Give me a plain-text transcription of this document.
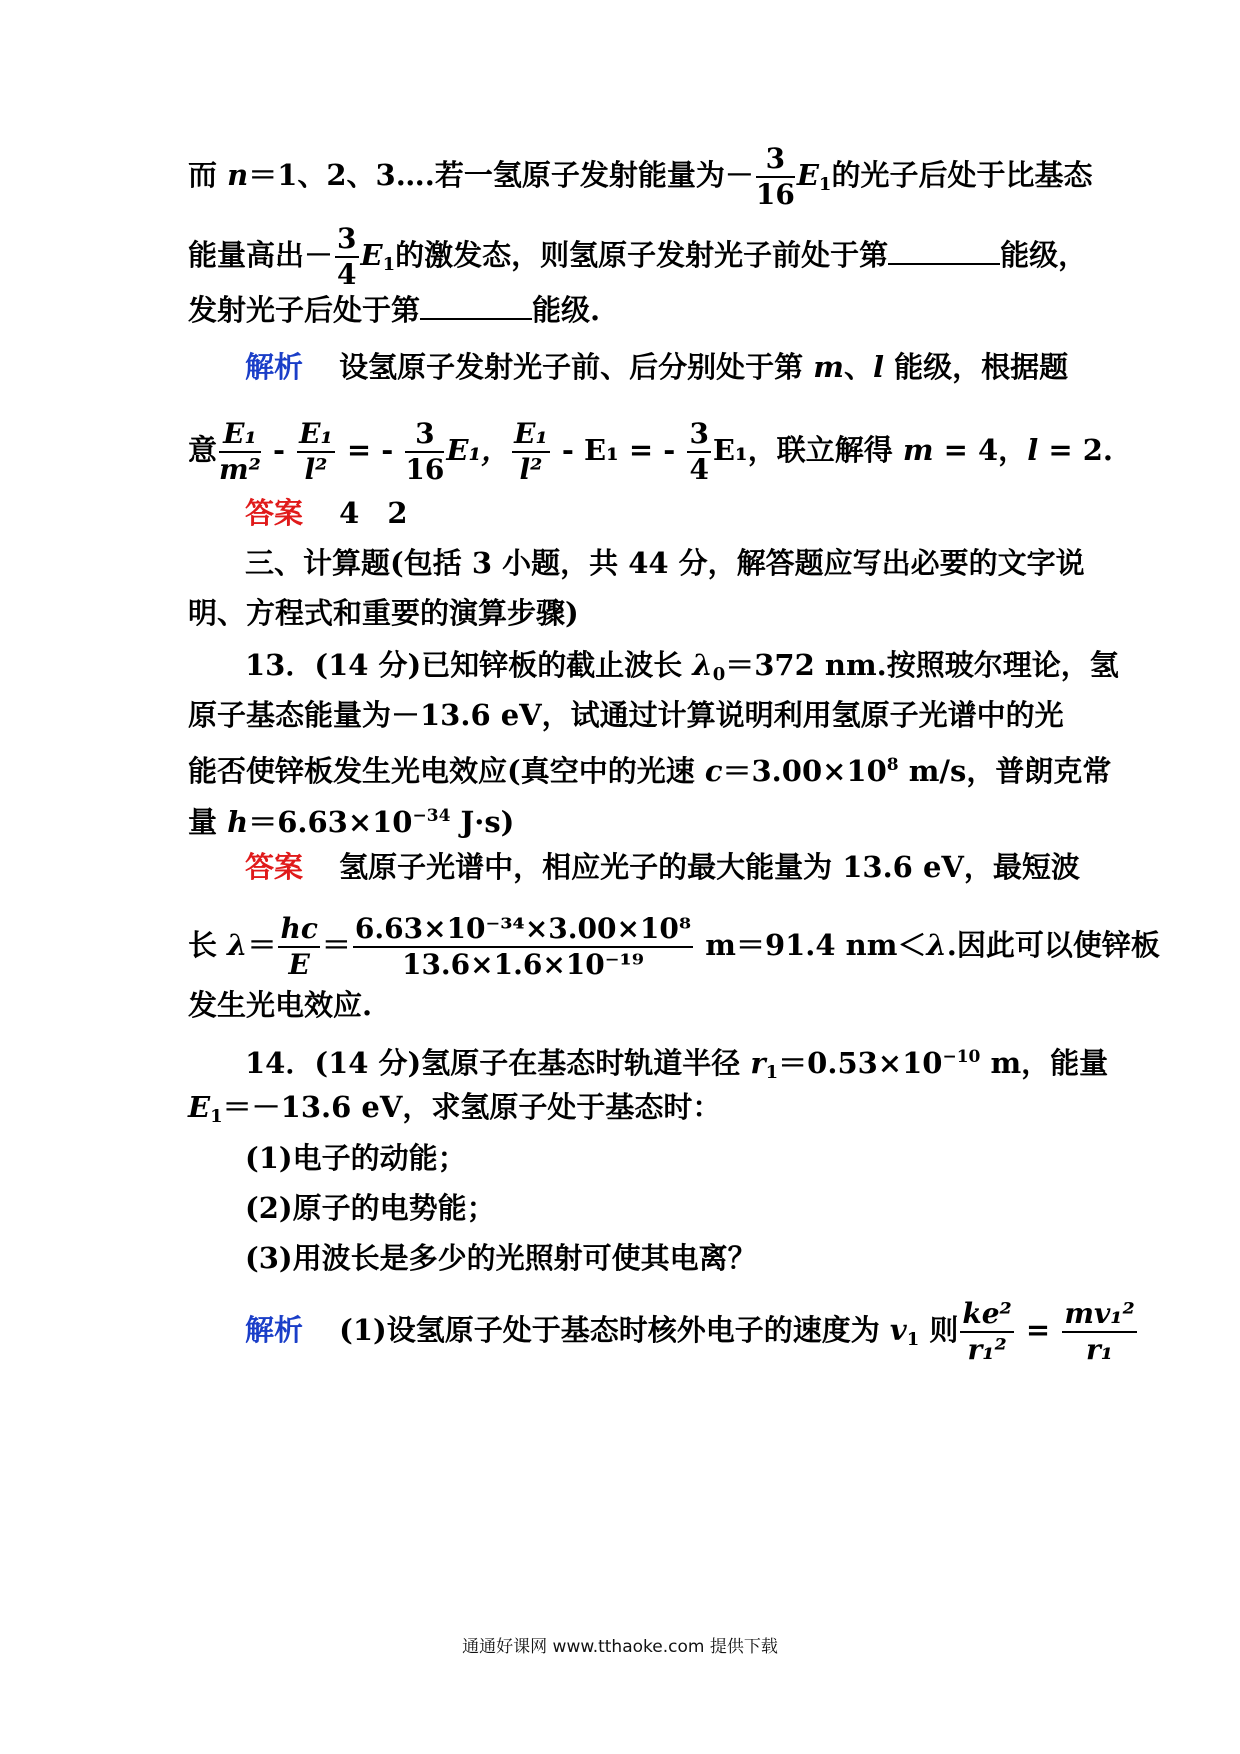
而 n＝1、2、3….若一氢原子发射能量为－ $\frac{3}{16} E_1$的光子后处于比基态
能量高出－ $\frac{3}{4} E_1$的激发态，则氢原子发射光子前处于第	能级，
发射光子后处于第	能级.
解析 设氢原子发射光子前、后分别处于第 m、l 能级，根据题
意 $\frac{\text{E₁}}{\text{m²}} - \frac{\text{E₁}}{\text{l²}}$ = - $\frac{3}{16} E_1$， $\frac{\text{E₁}}{\text{l²}} - E_1$ = - $\frac{3}{4} E_1$，联立解得 m = 4，l = 2.
答案 4 2
三、计算题(包括 3 小题，共 44 分，解答题应写出必要的文字说
明、方程式和重要的演算步骤)
13．(14 分)已知锌板的截止波长 $\lambda_0=372$ nm.按照玻尔理论，氢
原子基态能量为－13.6 eV，试通过计算说明利用氢原子光谱中的光
能否使锌板发生光电效应(真空中的光速 $c=3.00\times 10^8$ m/s，普朗克常
量 $h=6.63\times 10^{-34}$ J·s)
答案 氢原子光谱中，相应光子的最大能量为 13.6 eV，最短波
长 $\lambda= \frac{hc}{E} = \frac{\text{6.63×10⁻³⁴×3.00×10⁸}}{\text{13.6×1.6×10⁻¹⁹}} m=91.4$ nm＜λ.因此可以使锌板
发生光电效应.
14．(14 分)氢原子在基态时轨道半径 $r_1=0.53\times 10^{-10}$ m，能量
$E_1=-13.6$ eV，求氢原子处于基态时：
(1)电子的动能；
(2)原子的电势能；
(3)用波长是多少的光照射可使其电离？
解析 (1)设氢原子处于基态时核外电子的速度为 $v_1$ 则 $\frac{\text{ke²}}{\text{r₁²}} = \frac{\text{mv₁²}}{\text{r₁}}$
通通好课网 www.tthaoke.com 提供下载
